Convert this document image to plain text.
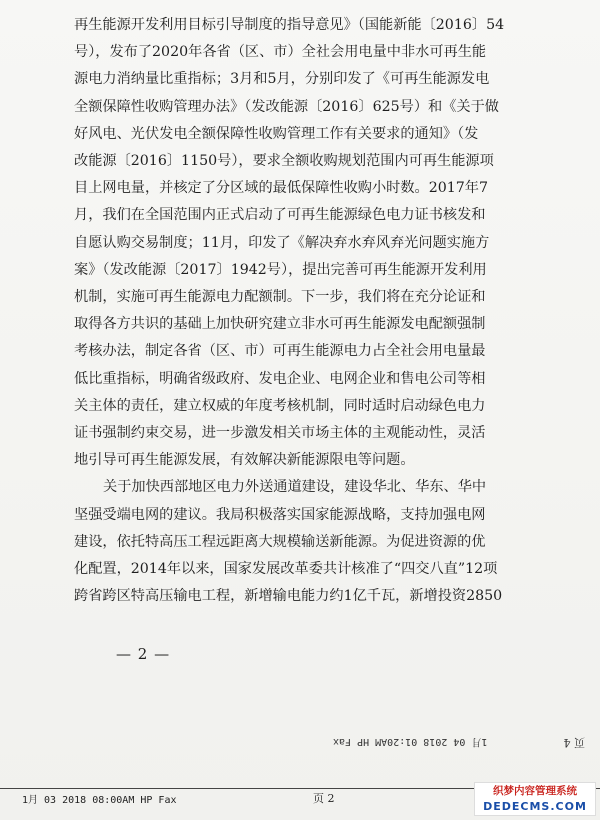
再生能源开发利用目标引导制度的指导意见》（国能新能〔2016〕54
号），发布了2020年各省（区、市）全社会用电量中非水可再生能
源电力消纳量比重指标；3月和5月，分别印发了《可再生能源发电
全额保障性收购管理办法》（发改能源〔2016〕625号）和《关于做
好风电、光伏发电全额保障性收购管理工作有关要求的通知》（发
改能源〔2016〕1150号），要求全额收购规划范围内可再生能源项
目上网电量，并核定了分区域的最低保障性收购小时数。2017年7
月，我们在全国范围内正式启动了可再生能源绿色电力证书核发和
自愿认购交易制度；11月，印发了《解决弃水弃风弃光问题实施方
案》（发改能源〔2017〕1942号），提出完善可再生能源开发利用
机制，实施可再生能源电力配额制。下一步，我们将在充分论证和
取得各方共识的基础上加快研究建立非水可再生能源发电配额强制
考核办法，制定各省（区、市）可再生能源电力占全社会用电量最
低比重指标，明确省级政府、发电企业、电网企业和售电公司等相
关主体的责任，建立权威的年度考核机制，同时适时启动绿色电力
证书强制约束交易，进一步激发相关市场主体的主观能动性，灵活
地引导可再生能源发展，有效解决新能源限电等问题。
关于加快西部地区电力外送通道建设，建设华北、华东、华中
坚强受端电网的建议。我局积极落实国家能源战略，支持加强电网
建设，依托特高压工程远距离大规模输送新能源。为促进资源的优
化配置，2014年以来，国家发展改革委共计核准了“四交八直”12项
跨省跨区特高压输电工程，新增输电能力约1亿千瓦，新增投资2850
— 2 —
页 4 1月 04 2018 01:20AM HP Fax
1月 03 2018 08:00AM HP Fax	页 2
织梦内容管理系统
DEDECMS.COM
